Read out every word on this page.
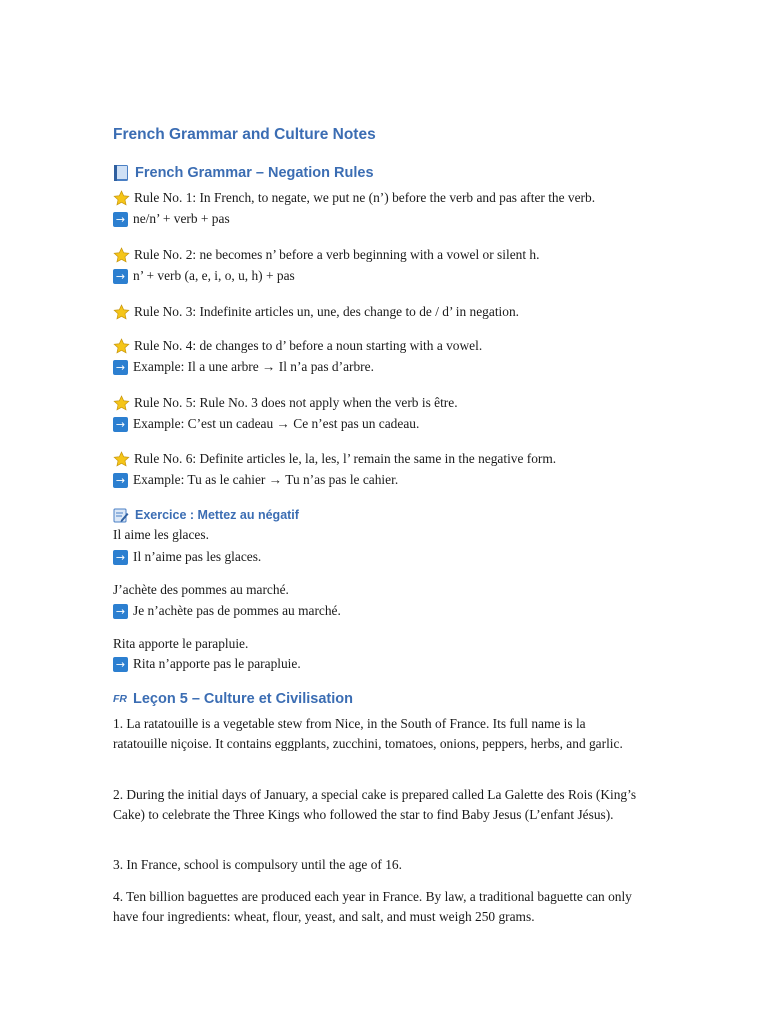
French Grammar and Culture Notes
French Grammar – Negation Rules
Rule No. 1: In French, to negate, we put ne (n’) before the verb and pas after the verb.
→ ne/n’ + verb + pas
Rule No. 2: ne becomes n’ before a verb beginning with a vowel or silent h.
→ n’ + verb (a, e, i, o, u, h) + pas
Rule No. 3: Indefinite articles un, une, des change to de / d’ in negation.
Rule No. 4: de changes to d’ before a noun starting with a vowel.
→ Example: Il a une arbre → Il n’a pas d’arbre.
Rule No. 5: Rule No. 3 does not apply when the verb is être.
→ Example: C’est un cadeau → Ce n’est pas un cadeau.
Rule No. 6: Definite articles le, la, les, l’ remain the same in the negative form.
→ Example: Tu as le cahier → Tu n’as pas le cahier.
Exercice : Mettez au négatif
Il aime les glaces.
→ Il n’aime pas les glaces.
J’achète des pommes au marché.
→ Je n’achète pas de pommes au marché.
Rita apporte le parapluie.
→ Rita n’apporte pas le parapluie.
FR Leçon 5 – Culture et Civilisation

1. La ratatouille is a vegetable stew from Nice, in the South of France. Its full name is la ratatouille niçoise. It contains eggplants, zucchini, tomatoes, onions, peppers, herbs, and garlic.

2. During the initial days of January, a special cake is prepared called La Galette des Rois (King’s Cake) to celebrate the Three Kings who followed the star to find Baby Jesus (L’enfant Jésus).

3. In France, school is compulsory until the age of 16.

4. Ten billion baguettes are produced each year in France. By law, a traditional baguette can only have four ingredients: wheat, flour, yeast, and salt, and must weigh 250 grams.
